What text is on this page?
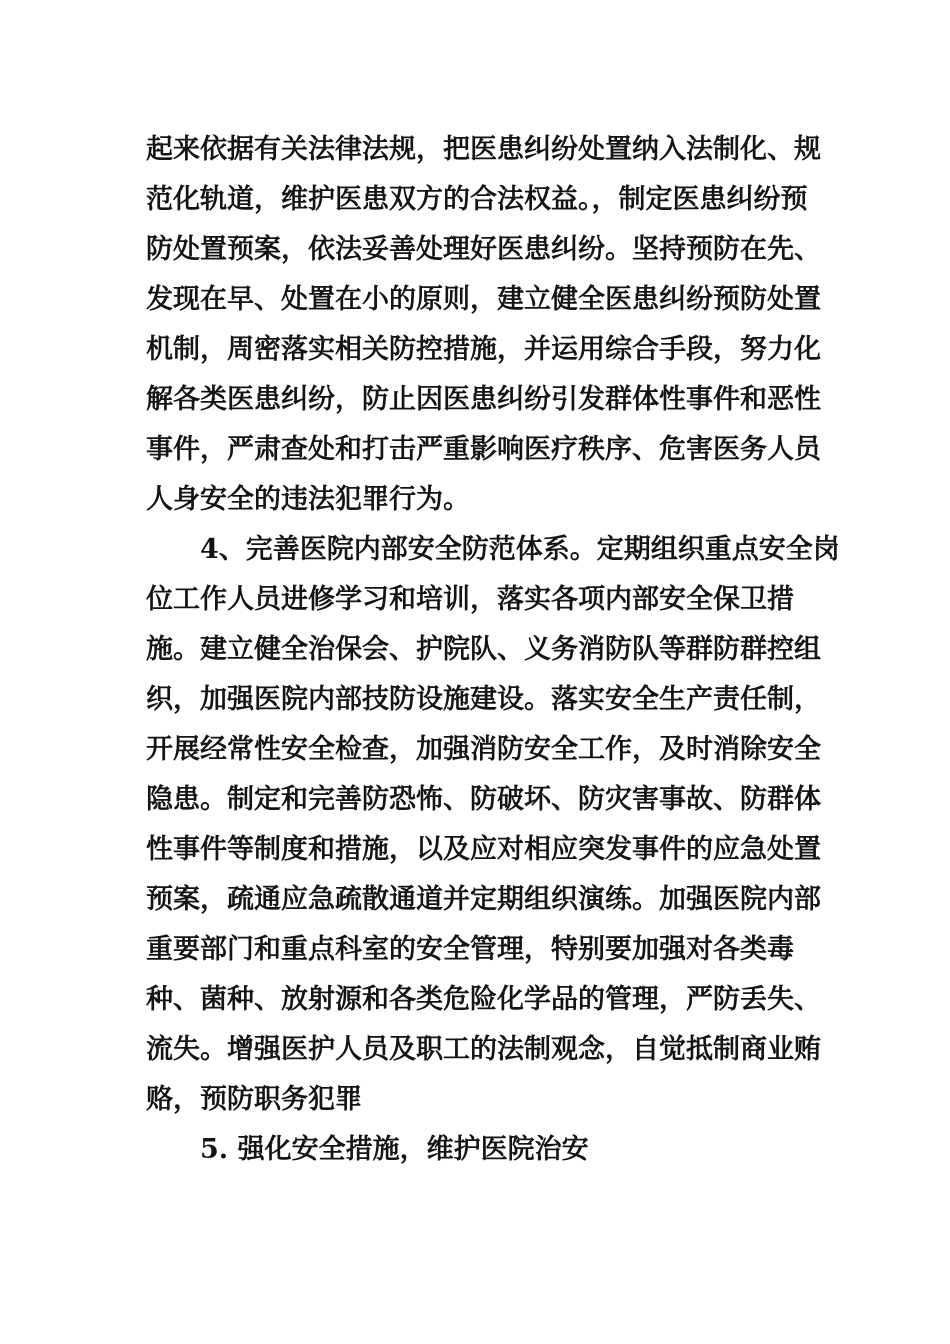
起来依据有关法律法规，把医患纠纷处置纳入法制化、规
范化轨道，维护医患双方的合法权益。，制定医患纠纷预
防处置预案，依法妥善处理好医患纠纷。坚持预防在先、
发现在早、处置在小的原则，建立健全医患纠纷预防处置
机制，周密落实相关防控措施，并运用综合手段，努力化
解各类医患纠纷，防止因医患纠纷引发群体性事件和恶性
事件，严肃查处和打击严重影响医疗秩序、危害医务人员
人身安全的违法犯罪行为。
4、完善医院内部安全防范体系。定期组织重点安全岗
位工作人员进修学习和培训，落实各项内部安全保卫措
施。建立健全治保会、护院队、义务消防队等群防群控组
织，加强医院内部技防设施建设。落实安全生产责任制，
开展经常性安全检查，加强消防安全工作，及时消除安全
隐患。制定和完善防恐怖、防破坏、防灾害事故、防群体
性事件等制度和措施，以及应对相应突发事件的应急处置
预案，疏通应急疏散通道并定期组织演练。加强医院内部
重要部门和重点科室的安全管理，特别要加强对各类毒
种、菌种、放射源和各类危险化学品的管理，严防丢失、
流失。增强医护人员及职工的法制观念，自觉抵制商业贿
赂，预防职务犯罪
5. 强化安全措施，维护医院治安
